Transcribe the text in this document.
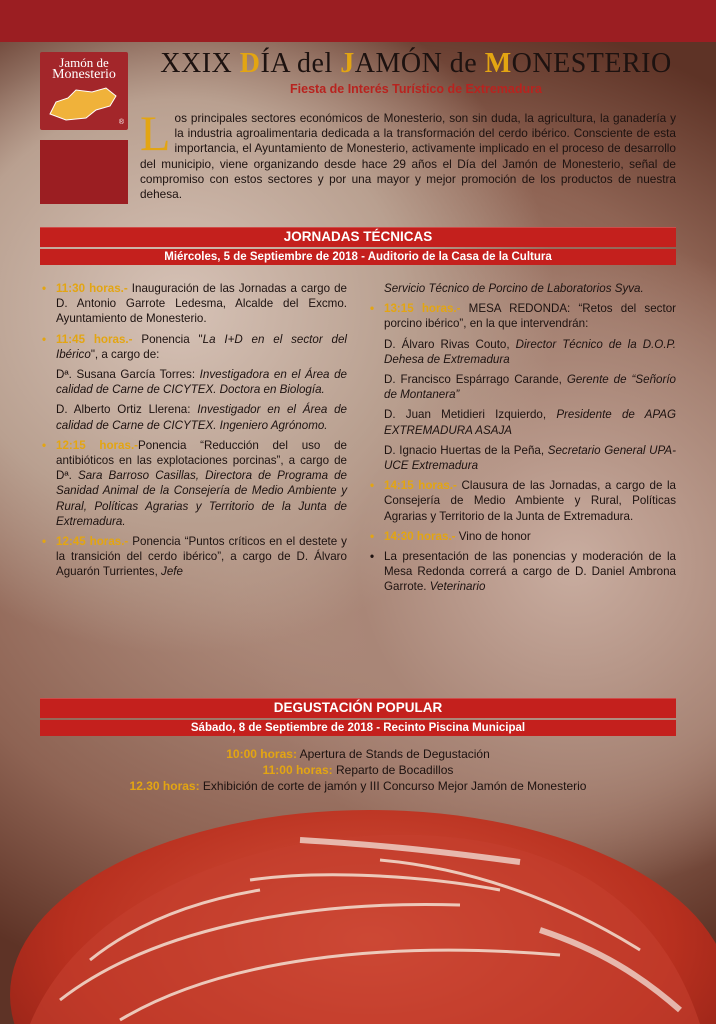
Jamón de
Monesterio
®
XXIX DÍA del JAMÓN de MONESTERIO
Fiesta de Interés Turístico de Extremadura
Los principales sectores económicos de Monesterio, son sin duda, la agricultura, la ganadería y la industria agroalimentaria dedicada a la transformación del cerdo ibérico. Consciente de esta importancia, el Ayuntamiento de Monesterio, activamente implicado en el proceso de desarrollo del municipio, viene organizando desde hace 29 años el Día del Jamón de Monesterio, señal de compromiso con estos sectores y por una mayor y mejor promoción de los productos de nuestra dehesa.
JORNADAS TÉCNICAS
Miércoles, 5 de Septiembre de 2018 - Auditorio de la Casa de la Cultura
• 11:30 horas.- Inauguración de las Jornadas a cargo de D. Antonio Garrote Ledesma, Alcalde del Excmo. Ayuntamiento de Monesterio.
• 11:45 horas.- Ponencia "La I+D en el sector del Ibérico", a cargo de:
Dª. Susana García Torres: Investigadora en el Área de calidad de Carne de CICYTEX. Doctora en Biología.
D. Alberto Ortiz Llerena: Investigador en el Área de calidad de Carne de CICYTEX. Ingeniero Agrónomo.
• 12:15 horas.-Ponencia “Reducción del uso de antibióticos en las explotaciones porcinas”, a cargo de Dª. Sara Barroso Casillas, Directora de Programa de Sanidad Animal de la Consejería de Medio Ambiente y Rural, Políticas Agrarias y Territorio de la Junta de Extremadura.
• 12:45 horas.- Ponencia “Puntos críticos en el destete y la transición del cerdo ibérico”, a cargo de D. Álvaro Aguarón Turrientes, Jefe
Servicio Técnico de Porcino de Laboratorios Syva.
• 13:15 horas.- MESA REDONDA: “Retos del sector porcino ibérico”, en la que intervendrán:
D. Álvaro Rivas Couto, Director Técnico de la D.O.P. Dehesa de Extremadura
D. Francisco Espárrago Carande, Gerente de “Señorío de Montanera”
D. Juan Metidieri Izquierdo, Presidente de APAG EXTREMADURA ASAJA
D. Ignacio Huertas de la Peña, Secretario General UPA-UCE Extremadura
• 14:15 horas.- Clausura de las Jornadas, a cargo de la Consejería de Medio Ambiente y Rural, Políticas Agrarias y Territorio de la Junta de Extremadura.
• 14:30 horas.- Vino de honor
• La presentación de las ponencias y moderación de la Mesa Redonda correrá a cargo de D. Daniel Ambrona Garrote. Veterinario
DEGUSTACIÓN POPULAR
Sábado, 8 de Septiembre de 2018 - Recinto Piscina Municipal
10:00 horas: Apertura de Stands de Degustación
11:00 horas: Reparto de Bocadillos
12.30 horas: Exhibición de corte de jamón y III Concurso Mejor Jamón de Monesterio
